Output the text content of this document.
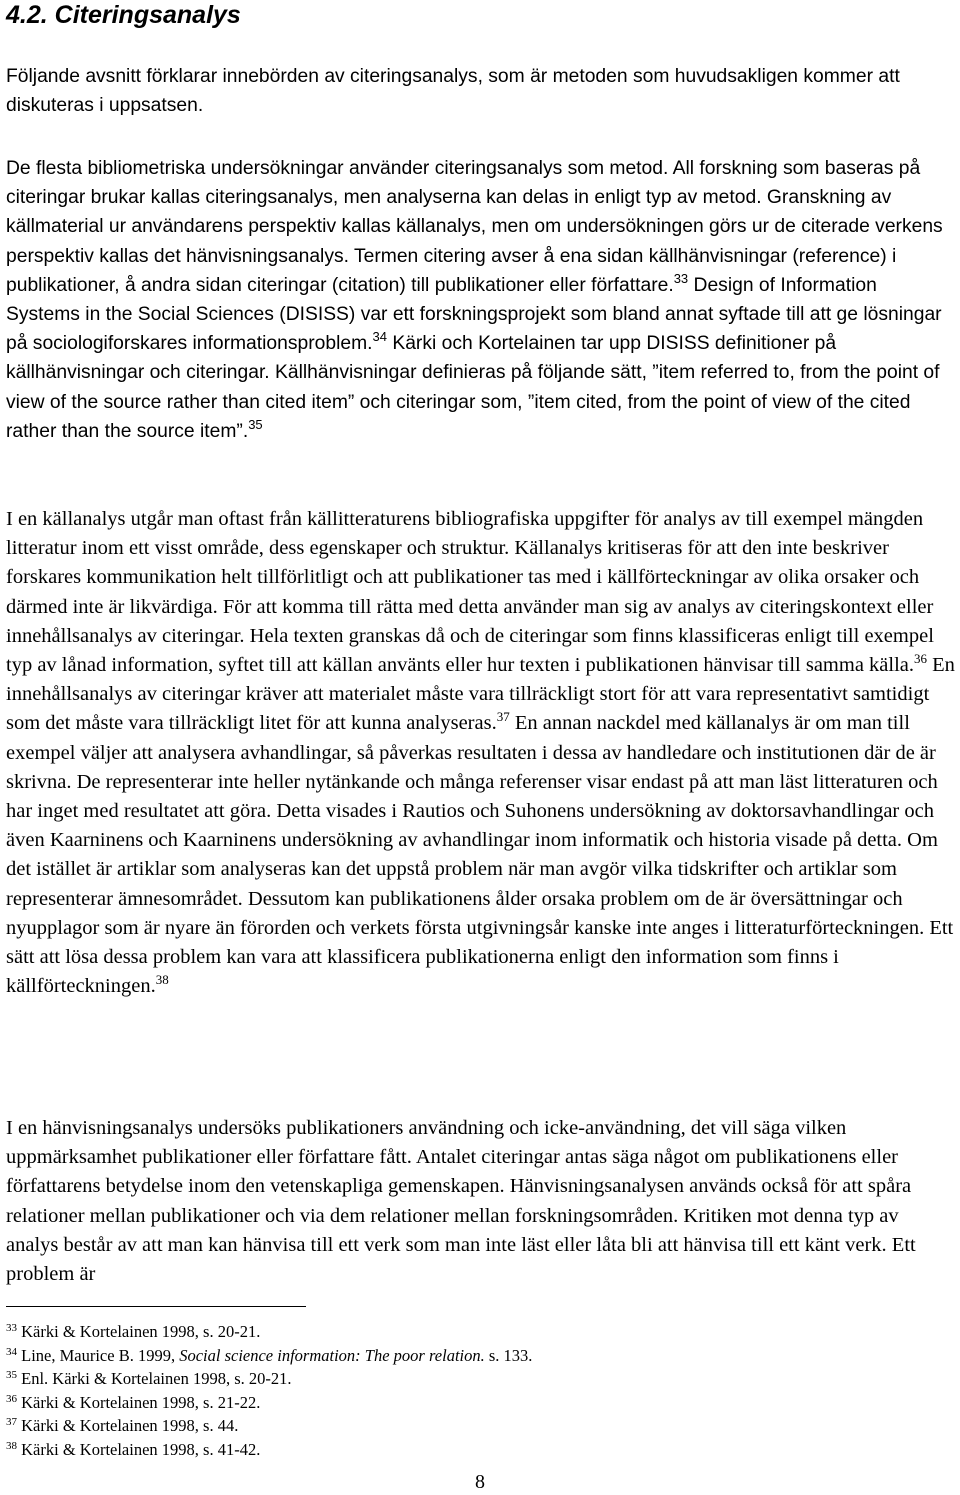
4.2. Citeringsanalys

Följande avsnitt förklarar innebörden av citeringsanalys, som är metoden som huvudsakligen kommer att diskuteras i uppsatsen.

De flesta bibliometriska undersökningar använder citeringsanalys som metod. All forskning som baseras på citeringar brukar kallas citeringsanalys, men analyserna kan delas in enligt typ av metod. Granskning av källmaterial ur användarens perspektiv kallas källanalys, men om undersökningen görs ur de citerade verkens perspektiv kallas det hänvisningsanalys. Termen citering avser å ena sidan källhänvisningar (reference) i publikationer, å andra sidan citeringar (citation) till publikationer eller författare.$^{33}$ Design of Information Systems in the Social Sciences (DISISS) var ett forskningsprojekt som bland annat syftade till att ge lösningar på sociologiforskares informationsproblem.$^{34}$ Kärki och Kortelainen tar upp DISISS definitioner på källhänvisningar och citeringar. Källhänvisningar definieras på följande sätt, ”item referred to, from the point of view of the source rather than cited item” och citeringar som, ”item cited, from the point of view of the cited rather than the source item”.$^{35}$

I en källanalys utgår man oftast från källitteraturens bibliografiska uppgifter för analys av till exempel mängden litteratur inom ett visst område, dess egenskaper och struktur. Källanalys kritiseras för att den inte beskriver forskares kommunikation helt tillförlitligt och att publikationer tas med i källförteckningar av olika orsaker och därmed inte är likvärdiga. För att komma till rätta med detta använder man sig av analys av citeringskontext eller innehållsanalys av citeringar. Hela texten granskas då och de citeringar som finns klassificeras enligt till exempel typ av lånad information, syftet till att källan använts eller hur texten i publikationen hänvisar till samma källa.$^{36}$ En innehållsanalys av citeringar kräver att materialet måste vara tillräckligt stort för att vara representativt samtidigt som det måste vara tillräckligt litet för att kunna analyseras.$^{37}$ En annan nackdel med källanalys är om man till exempel väljer att analysera avhandlingar, så påverkas resultaten i dessa av handledare och institutionen där de är skrivna. De representerar inte heller nytänkande och många referenser visar endast på att man läst litteraturen och har inget med resultatet att göra. Detta visades i Rautios och Suhonens undersökning av doktorsavhandlingar och även Kaarninens och Kaarninens undersökning av avhandlingar inom informatik och historia visade på detta. Om det istället är artiklar som analyseras kan det uppstå problem när man avgör vilka tidskrifter och artiklar som representerar ämnesområdet. Dessutom kan publikationens ålder orsaka problem om de är översättningar och nyupplagor som är nyare än förorden och verkets första utgivningsår kanske inte anges i litteraturförteckningen. Ett sätt att lösa dessa problem kan vara att klassificera publikationerna enligt den information som finns i källförteckningen.$^{38}$

I en hänvisningsanalys undersöks publikationers användning och icke-användning, det vill säga vilken uppmärksamhet publikationer eller författare fått. Antalet citeringar antas säga något om publikationens eller författarens betydelse inom den vetenskapliga gemenskapen. Hänvisningsanalysen används också för att spåra relationer mellan publikationer och via dem relationer mellan forskningsområden. Kritiken mot denna typ av analys består av att man kan hänvisa till ett verk som man inte läst eller låta bli att hänvisa till ett känt verk. Ett problem är

$^{33}$ Kärki & Kortelainen 1998, s. 20-21.
$^{34}$ Line, Maurice B. 1999, Social science information: The poor relation. s. 133.
$^{35}$ Enl. Kärki & Kortelainen 1998, s. 20-21.
$^{36}$ Kärki & Kortelainen 1998, s. 21-22.
$^{37}$ Kärki & Kortelainen 1998, s. 44.
$^{38}$ Kärki & Kortelainen 1998, s. 41-42.
8
